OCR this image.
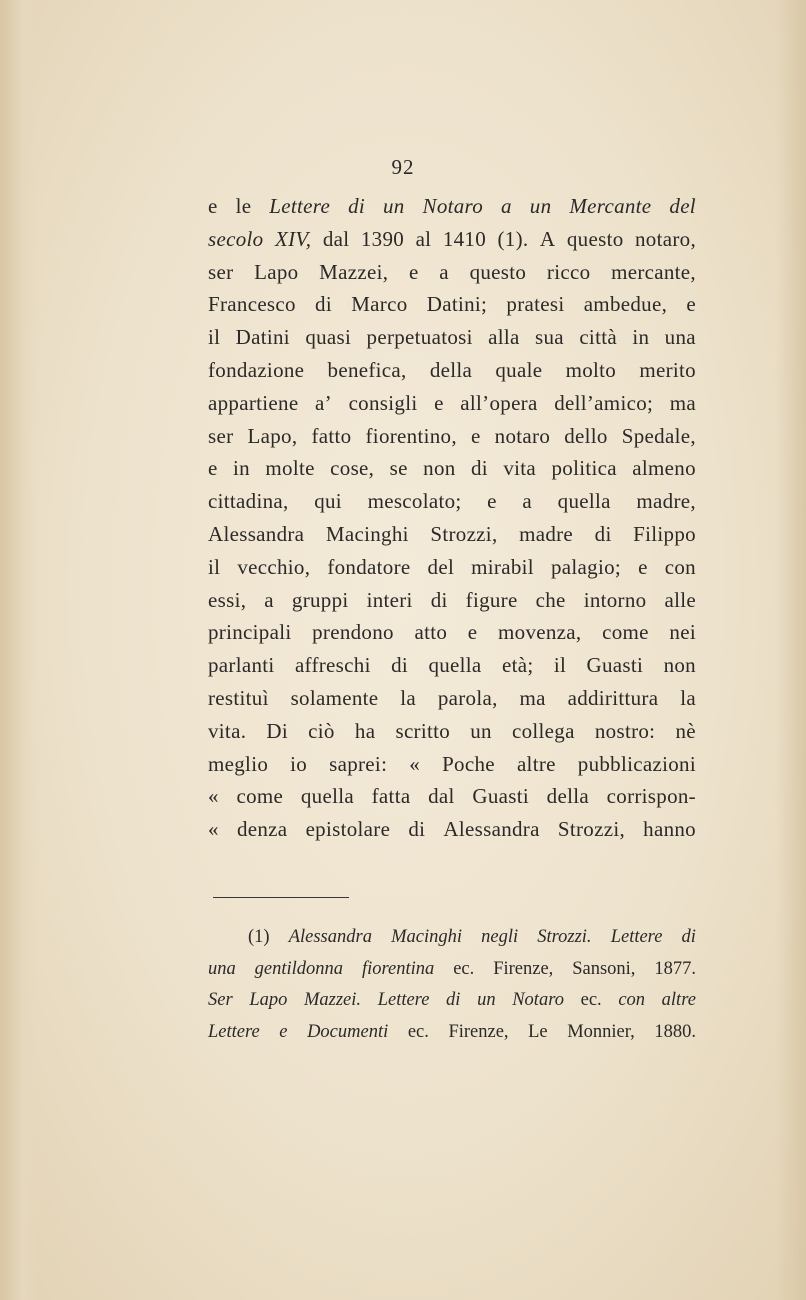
92
e le Lettere di un Notaro a un Mercante del
secolo XIV, dal 1390 al 1410 (1). A questo notaro,
ser Lapo Mazzei, e a questo ricco mercante,
Francesco di Marco Datini; pratesi ambedue, e
il Datini quasi perpetuatosi alla sua città in una
fondazione benefica, della quale molto merito
appartiene a’ consigli e all’opera dell’amico; ma
ser Lapo, fatto fiorentino, e notaro dello Spedale,
e in molte cose, se non di vita politica almeno
cittadina, qui mescolato; e a quella madre,
Alessandra Macinghi Strozzi, madre di Filippo
il vecchio, fondatore del mirabil palagio; e con
essi, a gruppi interi di figure che intorno alle
principali prendono atto e movenza, come nei
parlanti affreschi di quella età; il Guasti non
restituì solamente la parola, ma addirittura la
vita. Di ciò ha scritto un collega nostro: nè
meglio io saprei: « Poche altre pubblicazioni
« come quella fatta dal Guasti della corrispon-
« denza epistolare di Alessandra Strozzi, hanno
(1) Alessandra Macinghi negli Strozzi. Lettere di
una gentildonna fiorentina ec. Firenze, Sansoni, 1877.
Ser Lapo Mazzei. Lettere di un Notaro ec. con altre
Lettere e Documenti ec. Firenze, Le Monnier, 1880.
